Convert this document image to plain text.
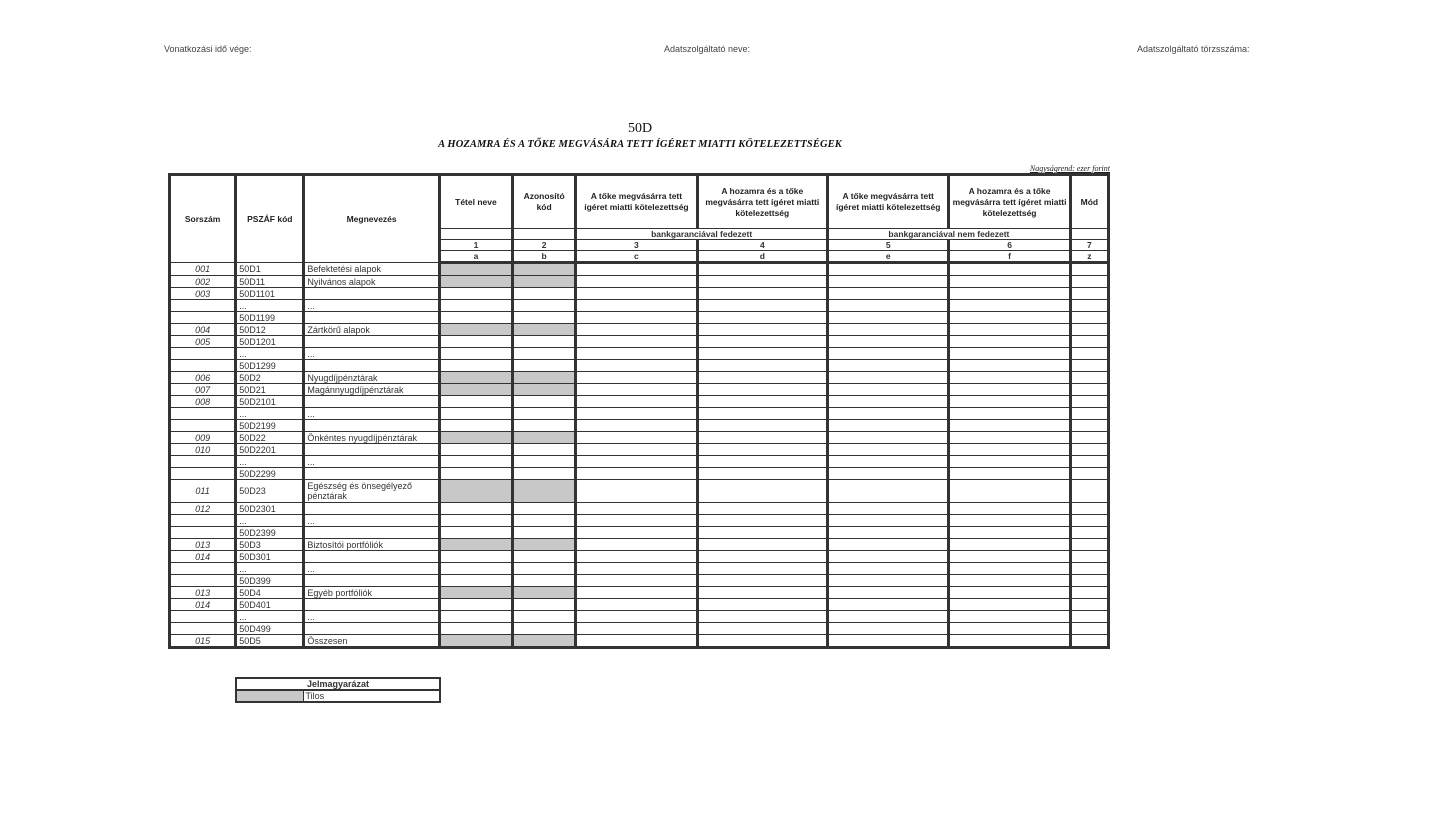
Vonatkozási idő vége:	Adatszolgáltató neve:	Adatszolgáltató törzsszáma:
50D
A HOZAMRA ÉS A TŐKE MEGVÁSÁRA TETT ÍGÉRET MIATTI KÖTELEZETTSÉGEK
Nagyságrend: ezer forint
Sorszám	PSZÁF kód	Megnevezés	Tétel neve	Azonosító kód	A tőke megvásárra tett ígéret miatti kötelezettség	A hozamra és a tőke megvásárra tett ígéret miatti kötelezettség	A tőke megvásárra tett ígéret miatti kötelezettség	A hozamra és a tőke megvásárra tett ígéret miatti kötelezettség	Mód
					bankgaranciával fedezett		bankgaranciával nem fedezett		
			1	2	3	4	5	6	7
			a	b	c	d	e	f	z
001	50D1	Befektetési alapok							
002	50D11	Nyilvános alapok							
003	50D1101								
	...	...							
	50D1199								
004	50D12	Zártkörű alapok							
005	50D1201								
	...	...							
	50D1299								
006	50D2	Nyugdíjpénztárak							
007	50D21	Magánnyugdíjpénztárak							
008	50D2101								
	...	...							
	50D2199								
009	50D22	Önkéntes nyugdíjpénztárak							
010	50D2201								
	...	...							
	50D2299								
011	50D23	Egészség és önsegélyező pénztárak							
012	50D2301								
	...	...							
	50D2399								
013	50D3	Biztosítói portfóliók							
014	50D301								
	...	...							
	50D399								
013	50D4	Egyéb portfóliók							
014	50D401								
	...	...							
	50D499								
015	50D5	Összesen							
Jelmagyarázat
	Tilos
